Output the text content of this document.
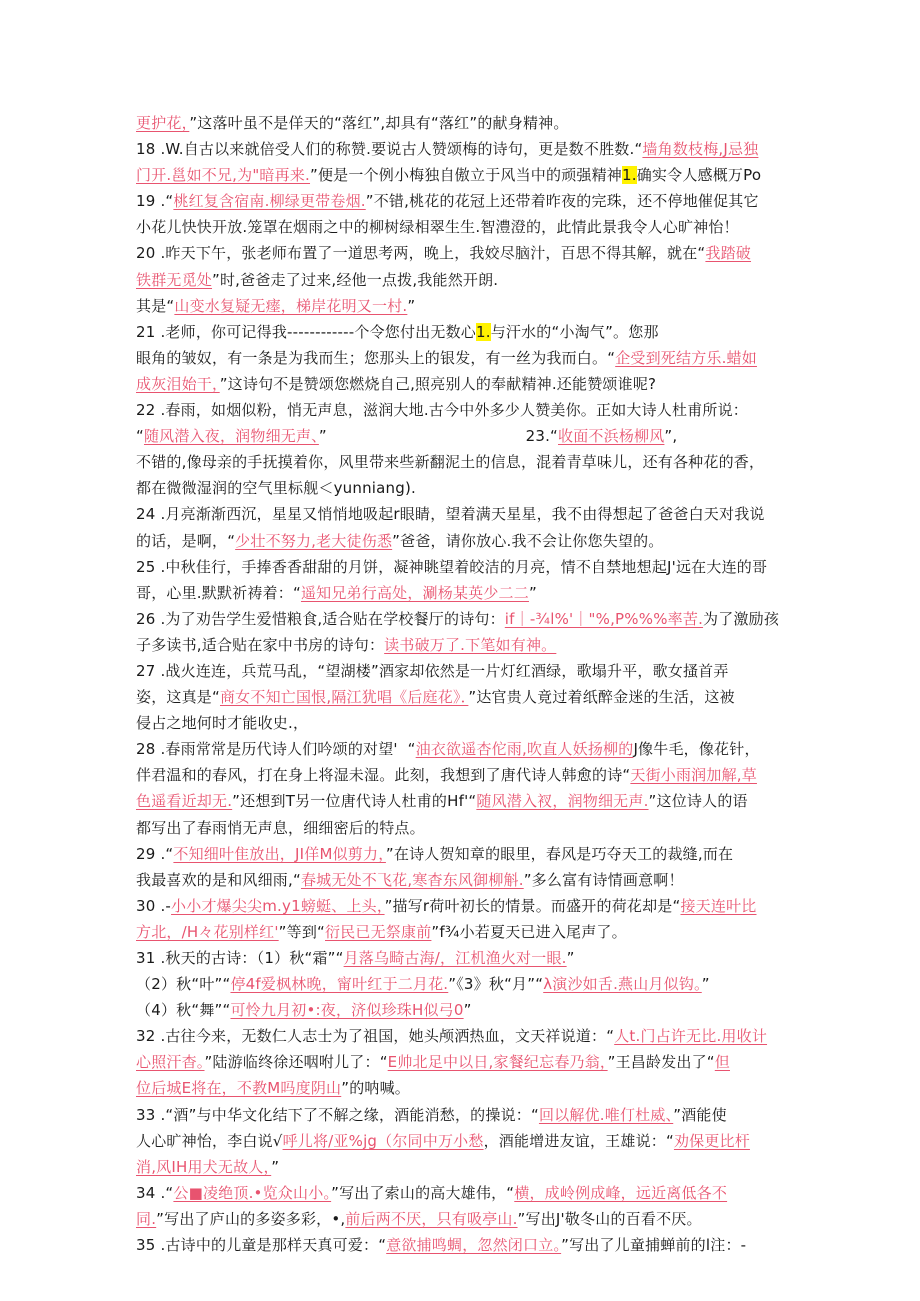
更护花，”这落叶虽不是佯天的“落红”,却具有“落红”的献身精神。
18 .W.自古以来就倍受人们的称赞.要说古人赞颂梅的诗句，更是数不胜数.“墙角数枝梅,J忌独
门开.邕如不兄,为"暗再来.”便是一个例小梅独自傲立于风当中的顽强精神1.确实令人感概万Po
19 .“桃红复含宿南.柳绿更带卷烟.”不错,桃花的花冠上还带着昨夜的完珠，还不停地催促其它
小花儿快快开放.笼罩在烟雨之中的柳树绿相翠生生.智澧澄的，此情此景我令人心旷神怡！
20 .昨天下午，张老师布置了一道思考两，晚上，我姣尽脑汁，百思不得其解，就在“我踏破
铁群无觅处”时,爸爸走了过来,经他一点拨,我能然开朗.
其是“山变水复疑无瘗，梯岸花明又一村.”
21 .老师，你可记得我------------个令您付出无数心1.与汗水的“小淘气”。您那
眼角的皱奴，有一条是为我而生；您那头上的银发，有一丝为我而白。“企受到死结方乐.蜡如
成灰泪始干，”这诗句不是赞颂您燃烧自己,照亮别人的奉献精神.还能赞颂谁呢?
22 .春雨，如烟似粉，悄无声息，滋润大地.古今中外多少人赞美你。正如大诗人杜甫所说：
“随风潜入夜，润物细无声、”                                        23.“收面不浜杨柳风”,
不错的,像母亲的手抚摸着你，风里带来些新翻泥土的信息，混着青草味儿，还有各种花的香，
都在微微湿润的空气里标舰＜yunniang).
24 .月亮渐渐西沉，星星又悄悄地吸起r眼睛，望着满天星星，我不由得想起了爸爸白天对我说
的话，是啊，“少壮不努力,老大徒伤悉”爸爸，请你放心.我不会让你您失望的。
25 .中秋佳行，手捧香香甜甜的月饼，凝神眺望着皎洁的月亮，情不自禁地想起J'远在大连的哥
哥，心里.默默祈祷着：“遥知兄弟行高处，涮杨某英少二二”
26 .为了劝告学生爱惜粮食,适合贴在学校餐厅的诗句：if｜-¾l%'｜"%,P%%%率苦.为了激励孩
子多读书,适合贴在家中书房的诗句：读书破万了.下笔如有神。
27 .战火连连，兵荒马乱，“望湖楼”酒家却依然是一片灯红酒绿，歌塌升平，歌女搔首弄
姿，这真是“商女不知亡国恨,隔江犹唱《后庭花》．”达官贵人竟过着纸醉金迷的生活，这被
侵占之地何时才能收史.，
28 .春雨常常是历代诗人们吟颂的对望'  “油衣欲遥杏佗雨,吹直人妖扬柳的J像牛毛，像花针，
伴君温和的春风，打在身上将湿未湿。此刻，我想到了唐代诗人韩愈的诗“天街小雨润加解,草
色遥看近却无.”还想到T另一位唐代诗人杜甫的Hf'“随风潜入衩，润物细无声.”这位诗人的语
都写出了春雨悄无声息，细细密后的特点。
29 .“不知细叶隹放出，JI佯M似剪力，”在诗人贺知章的眼里，春风是巧夺天工的裁缝,而在
我最喜欢的是和风细雨,“春城无处不飞花,寒杳东风御柳斛.”多么富有诗情画意啊！
30 .-小小才爆尖尖m.y1螃蜓、上头，”描写r荷叶初长的情景。而盛开的荷花却是“接天连叶比
方北，/H々花别样红'”等到“衍民已无祭康前”f¾小若夏天已进入尾声了。
31 .秋天的古诗：（1）秋“霜”“月落乌畸古海/，江机渔火对一眼.”
（2）秋“叶”“停4f爱枫林晚，甯叶红于二月花.”《3》秋“月”“λ演沙如舌.燕山月似钩。”
（4）秋“舞”“可怜九月初•:夜，济似珍珠H似弓0”
32 .古往今来，无数仁人志士为了祖国，她头颅洒热血，文天祥说道：“人t.门占许无比.用收计
心照汗杳。”陆游临终徐还咽咐儿了：“E帅北足中以日,家餐纪忘春乃翁，”王昌龄发出了“但
位后城E将在，不教M吗度阴山”的呐喊。
33 .“酒”与中华文化结下了不解之缘，酒能消愁，的操说：“回以解优.唯仃杜威、”酒能使
人心旷神怡，李白说√呼儿将/亚%jg（尔同中万小愁，酒能增进友谊，王雄说：“劝保更比杆
消,风IH用犬无故人，”
34 .“公■凌绝顶.•览众山小。”写出了索山的高大雄伟，“横，成岭例成峰，远近离低各不
同.”写出了庐山的多姿多彩，•,前后两不厌，只有吸亭山.”写出J'敬冬山的百看不厌。
35 .古诗中的儿童是那样天真可爱：“意欲捕鸣蜩，忽然闭口立。”写出了儿童捕蝉前的l注：-
